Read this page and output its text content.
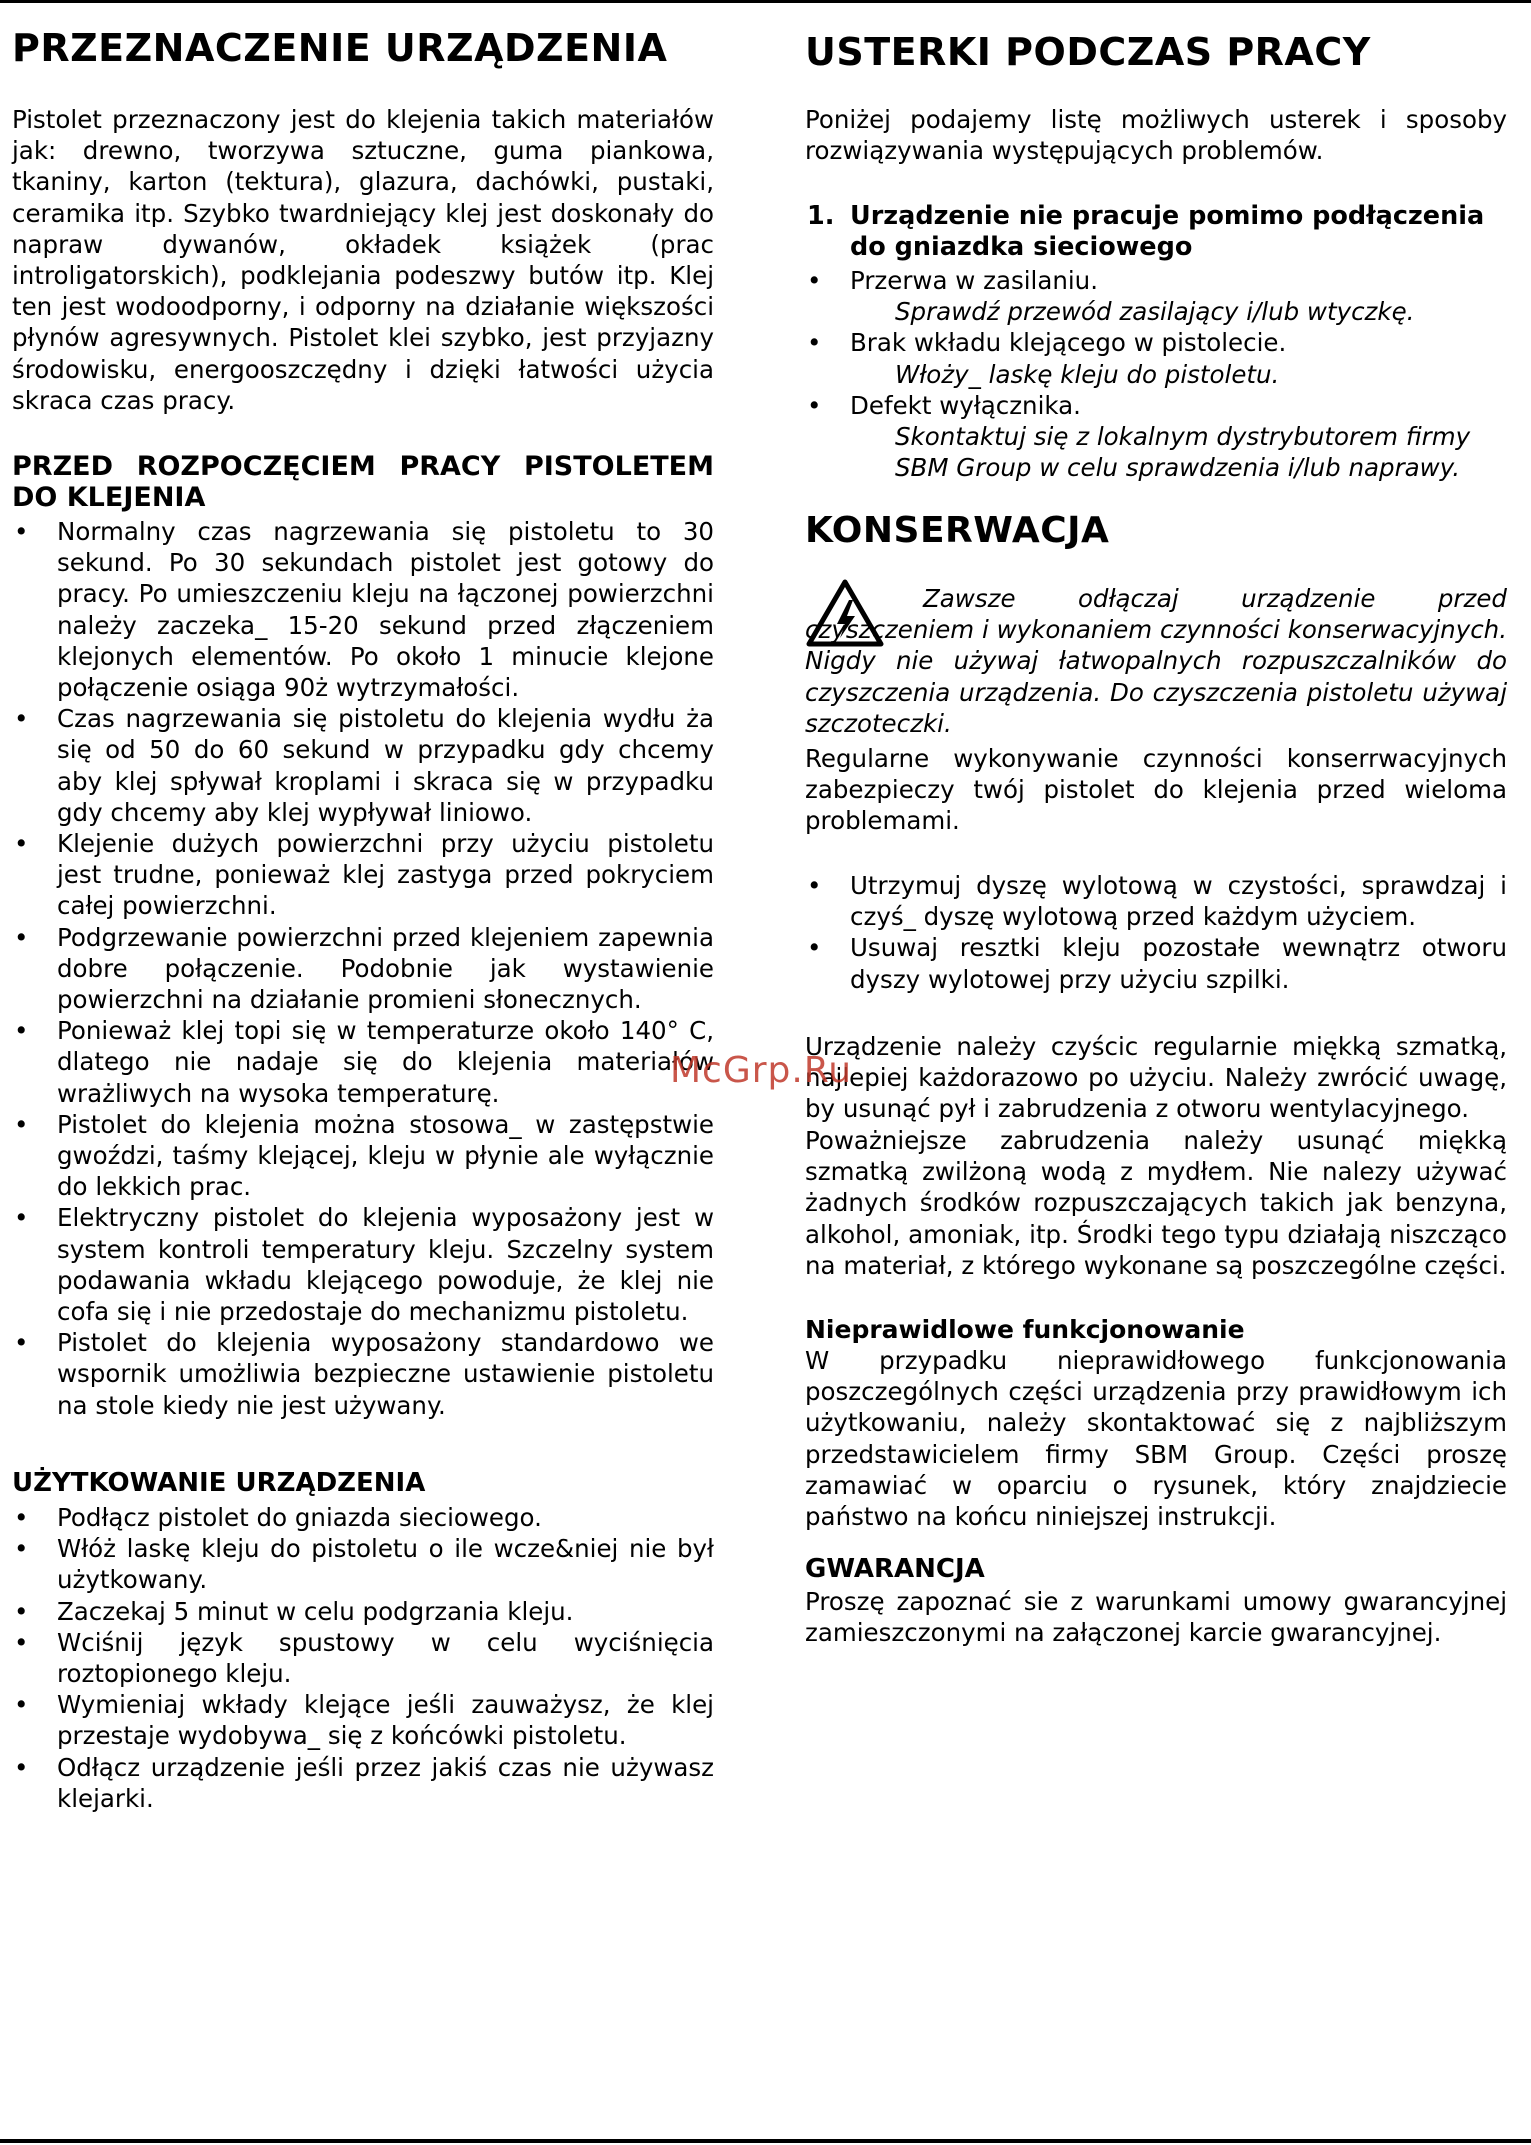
PRZEZNACZENIE URZĄDZENIA

Pistolet przeznaczony jest do klejenia takich materiałów jak: drewno, tworzywa sztuczne, guma piankowa, tkaniny, karton (tektura), glazura, dachówki, pustaki, ceramika itp. Szybko twardniejący klej jest doskonały do napraw dywanów, okładek książek (prac introligatorskich), podklejania podeszwy butów itp. Klej ten jest wodoodporny, i odporny na działanie większości płynów agresywnych. Pistolet klei szybko, jest przyjazny środowisku, energooszczędny i dzięki łatwości użycia skraca czas pracy.

PRZED ROZPOCZĘCIEM PRACY PISTOLETEM DO KLEJENIA
• Normalny czas nagrzewania się pistoletu to 30 sekund. Po 30 sekundach pistolet jest gotowy do pracy. Po umieszczeniu kleju na łączonej powierzchni należy zaczeka_ 15-20 sekund przed złączeniem klejonych elementów. Po około 1 minucie klejone połączenie osiąga 90ż wytrzymałości.
• Czas nagrzewania się pistoletu do klejenia wydłu ża się od 50 do 60 sekund w przypadku gdy chcemy aby klej spływał kroplami i skraca się w przypadku gdy chcemy aby klej wypływał liniowo.
• Klejenie dużych powierzchni przy użyciu pistoletu jest trudne, ponieważ klej zastyga przed pokryciem całej powierzchni.
• Podgrzewanie powierzchni przed klejeniem zapewnia dobre połączenie. Podobnie jak wystawienie powierzchni na działanie promieni słonecznych.
• Ponieważ klej topi się w temperaturze około 140° C, dlatego nie nadaje się do klejenia materiałów wrażliwych na wysoka temperaturę.
• Pistolet do klejenia można stosowa_ w zastępstwie gwoździ, taśmy klejącej, kleju w płynie ale wyłącznie do lekkich prac.
• Elektryczny pistolet do klejenia wyposażony jest w system kontroli temperatury kleju. Szczelny system podawania wkładu klejącego powoduje, że klej nie cofa się i nie przedostaje do mechanizmu pistoletu.
• Pistolet do klejenia wyposażony standardowo we wspornik umożliwia bezpieczne ustawienie pistoletu na stole kiedy nie jest używany.
UŻYTKOWANIE URZĄDZENIA
• Podłącz pistolet do gniazda sieciowego.
• Włóż laskę kleju do pistoletu o ile wcze&niej nie był użytkowany.
• Zaczekaj 5 minut w celu podgrzania kleju.
• Wciśnij język spustowy w celu wyciśnięcia roztopionego kleju.
• Wymieniaj wkłady klejące jeśli zauważysz, że klej przestaje wydobywa_ się z końcówki pistoletu.
• Odłącz urządzenie jeśli przez jakiś czas nie używasz klejarki.
USTERKI PODCZAS PRACY

Poniżej podajemy listę możliwych usterek i sposoby rozwiązywania występujących problemów.

1. Urządzenie nie pracuje pomimo podłączenia do gniazdka sieciowego
• Przerwa w zasilaniu.
Sprawdź przewód zasilający i/lub wtyczkę.
• Brak wkładu klejącego w pistolecie.
Włoży_ laskę kleju do pistoletu.
• Defekt wyłącznika.
Skontaktuj się z lokalnym dystrybutorem firmy SBM Group w celu sprawdzenia i/lub naprawy.
KONSERWACJA

Zawsze odłączaj urządzenie przed czyszczeniem i wykonaniem czynności konserwacyjnych. Nigdy nie używaj łatwopalnych rozpuszczalników do czyszczenia urządzenia. Do czyszczenia pistoletu używaj szczoteczki.

Regularne wykonywanie czynności konserrwacyjnych zabezpieczy twój pistolet do klejenia przed wieloma problemami.

• Utrzymuj dyszę wylotową w czystości, sprawdzaj i czyś_ dyszę wylotową przed każdym użyciem.
• Usuwaj resztki kleju pozostałe wewnątrz otworu dyszy wylotowej przy użyciu szpilki.

Urządzenie należy czyścic regularnie miękką szmatką, najlepiej każdorazowo po użyciu. Należy zwrócić uwagę, by usunąć pył i zabrudzenia z otworu wentylacyjnego.

Poważniejsze zabrudzenia należy usunąć miękką szmatką zwilżoną wodą z mydłem. Nie nalezy używać żadnych środków rozpuszczających takich jak benzyna, alkohol, amoniak, itp. Środki tego typu działają niszcząco na materiał, z którego wykonane są poszczególne części.

Nieprawidlowe funkcjonowanie

W przypadku nieprawidłowego funkcjonowania poszczególnych części urządzenia przy prawidłowym ich użytkowaniu, należy skontaktować się z najbliższym przedstawicielem firmy SBM Group. Części proszę zamawiać w oparciu o rysunek, który znajdziecie państwo na końcu niniejszej instrukcji.

GWARANCJA

Proszę zapoznać sie z warunkami umowy gwarancyjnej zamieszczonymi na załączonej karcie gwarancyjnej.

McGrp.Ru
